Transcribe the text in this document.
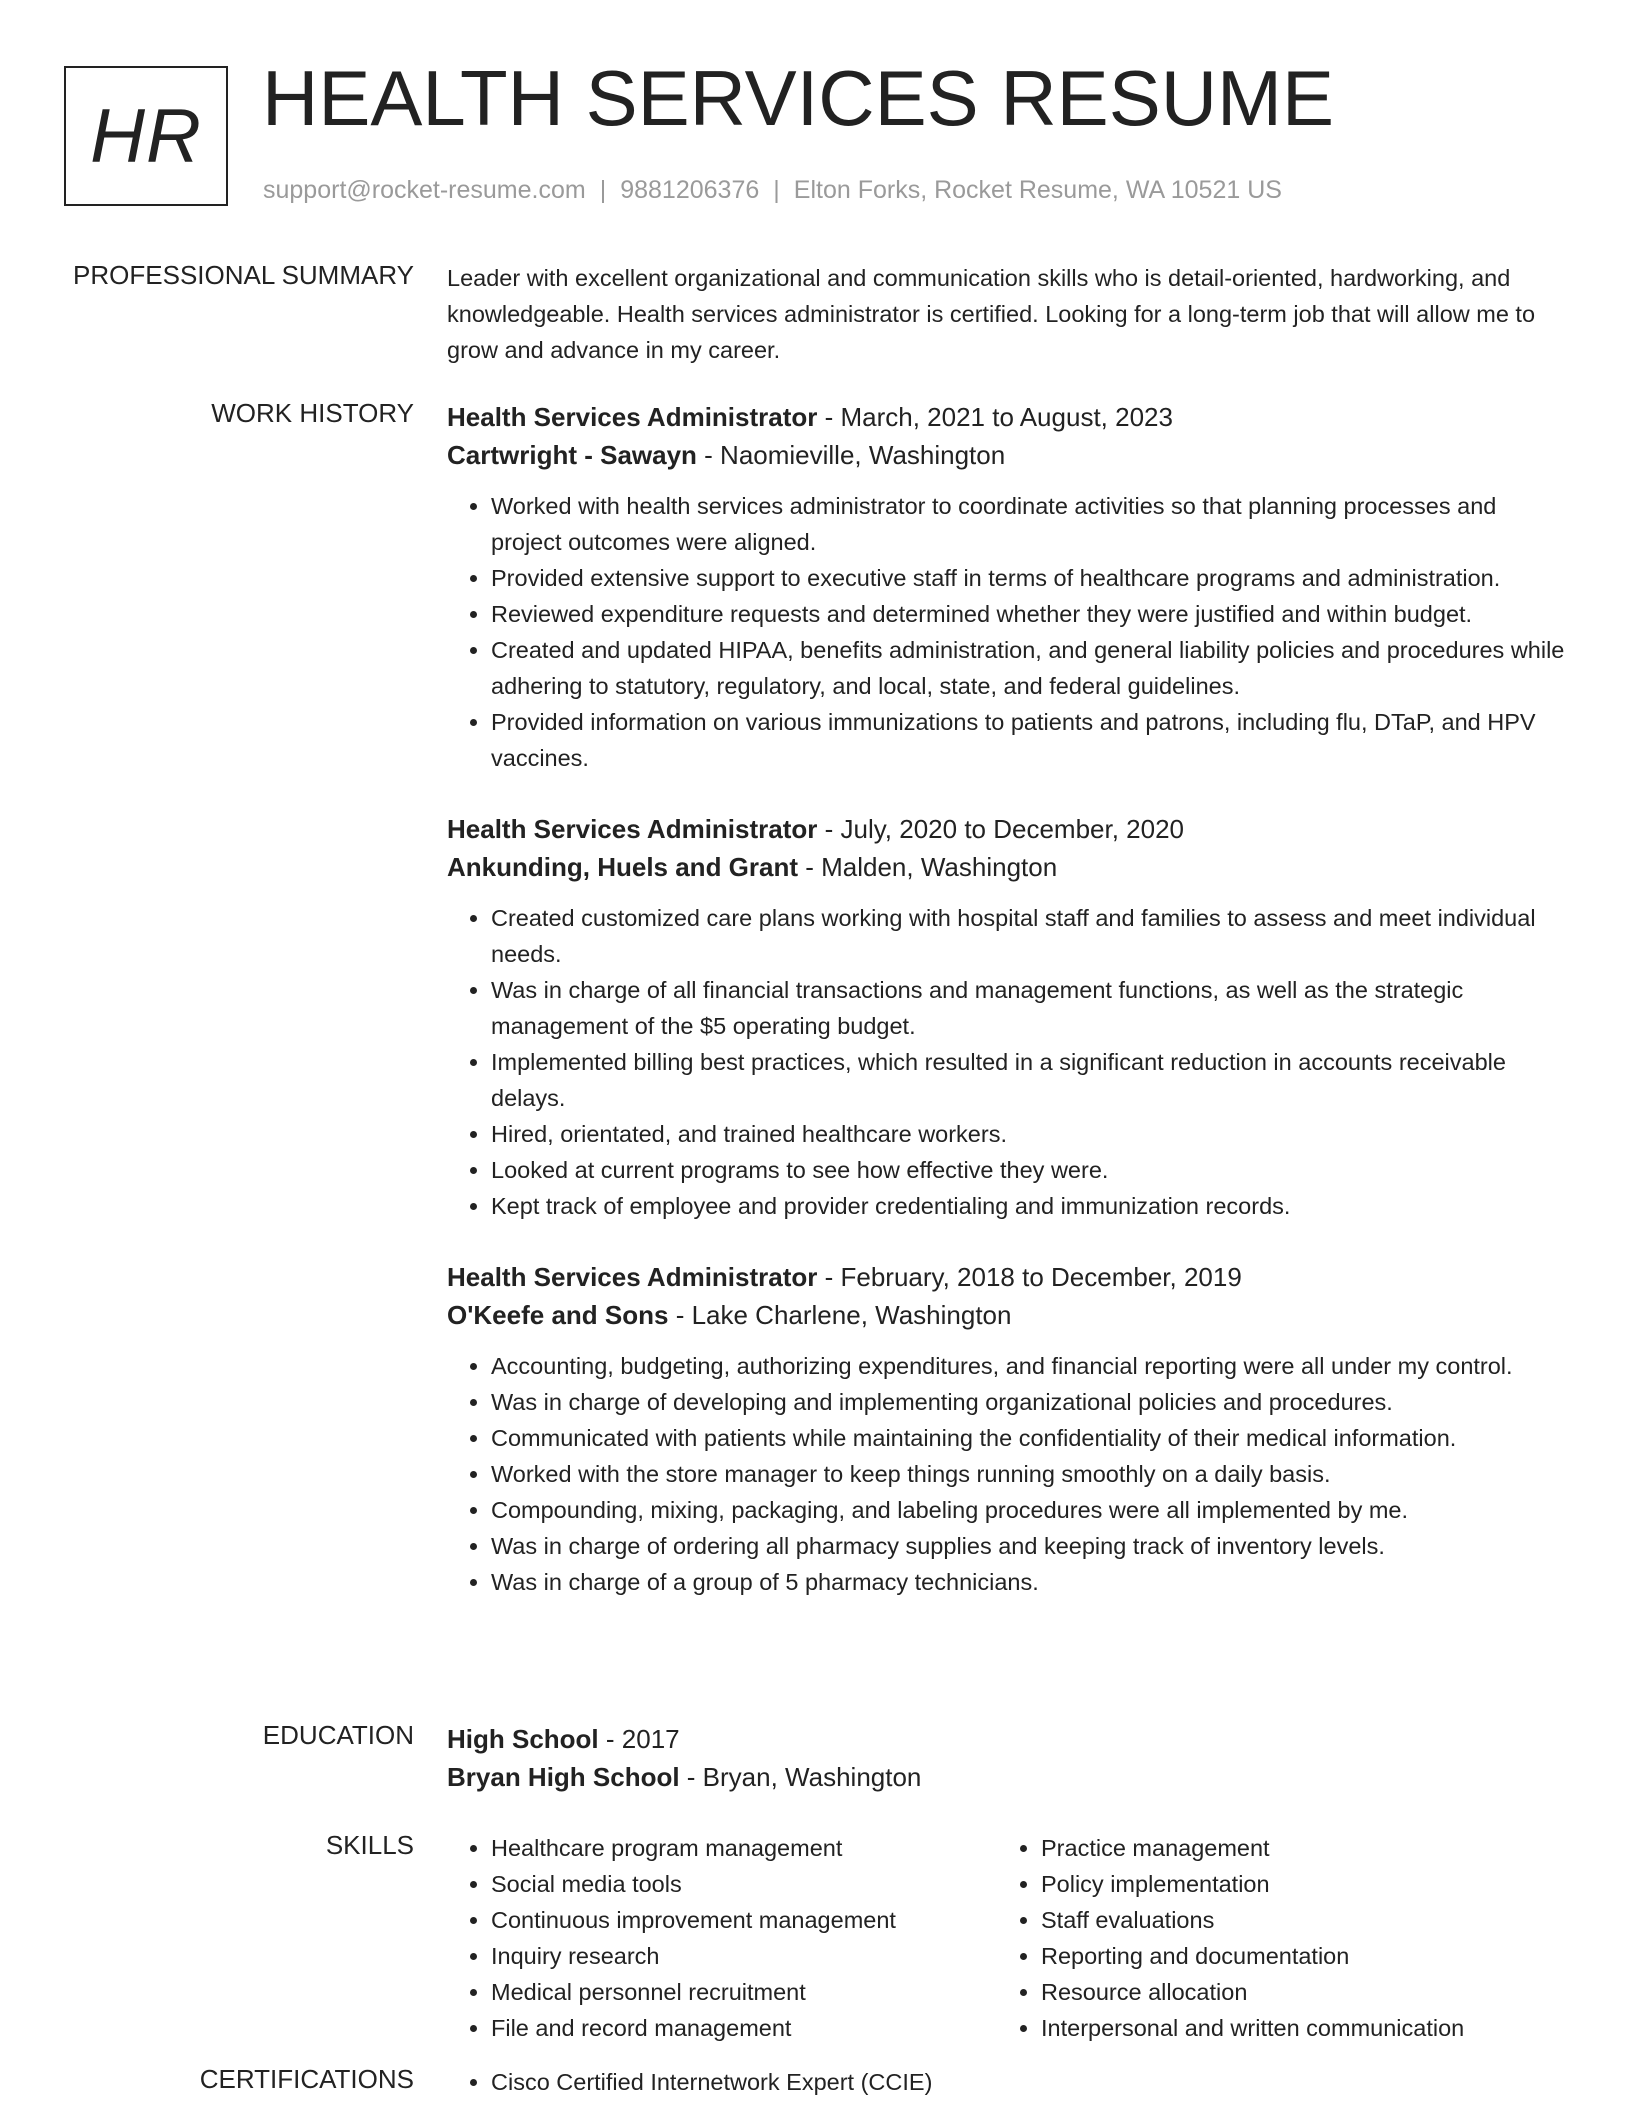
HR HEALTH SERVICES RESUME
support@rocket-resume.com | 9881206376 | Elton Forks, Rocket Resume, WA 10521 US
PROFESSIONAL SUMMARY Leader with excellent organizational and communication skills who is detail-oriented, hardworking, and knowledgeable. Health services administrator is certified. Looking for a long-term job that will allow me to grow and advance in my career.

WORK HISTORY Health Services Administrator - March, 2021 to August, 2023
Cartwright - Sawayn - Naomieville, Washington
• Worked with health services administrator to coordinate activities so that planning processes and project outcomes were aligned.
• Provided extensive support to executive staff in terms of healthcare programs and administration.
• Reviewed expenditure requests and determined whether they were justified and within budget.
• Created and updated HIPAA, benefits administration, and general liability policies and procedures while adhering to statutory, regulatory, and local, state, and federal guidelines.
• Provided information on various immunizations to patients and patrons, including flu, DTaP, and HPV vaccines.
Health Services Administrator - July, 2020 to December, 2020
Ankunding, Huels and Grant - Malden, Washington
• Created customized care plans working with hospital staff and families to assess and meet individual needs.
• Was in charge of all financial transactions and management functions, as well as the strategic management of the $5 operating budget.
• Implemented billing best practices, which resulted in a significant reduction in accounts receivable delays.
• Hired, orientated, and trained healthcare workers.
• Looked at current programs to see how effective they were.
• Kept track of employee and provider credentialing and immunization records.
Health Services Administrator - February, 2018 to December, 2019
O'Keefe and Sons - Lake Charlene, Washington
• Accounting, budgeting, authorizing expenditures, and financial reporting were all under my control.
• Was in charge of developing and implementing organizational policies and procedures.
• Communicated with patients while maintaining the confidentiality of their medical information.
• Worked with the store manager to keep things running smoothly on a daily basis.
• Compounding, mixing, packaging, and labeling procedures were all implemented by me.
• Was in charge of ordering all pharmacy supplies and keeping track of inventory levels.
• Was in charge of a group of 5 pharmacy technicians.
EDUCATION High School - 2017
Bryan High School - Bryan, Washington
SKILLS	• Healthcare program management
• Social media tools
• Continuous improvement management
• Inquiry research
• Medical personnel recruitment
• File and record management
• Practice management
• Policy implementation
• Staff evaluations
• Reporting and documentation
• Resource allocation
• Interpersonal and written communication
CERTIFICATIONS	• Cisco Certified Internetwork Expert (CCIE)
